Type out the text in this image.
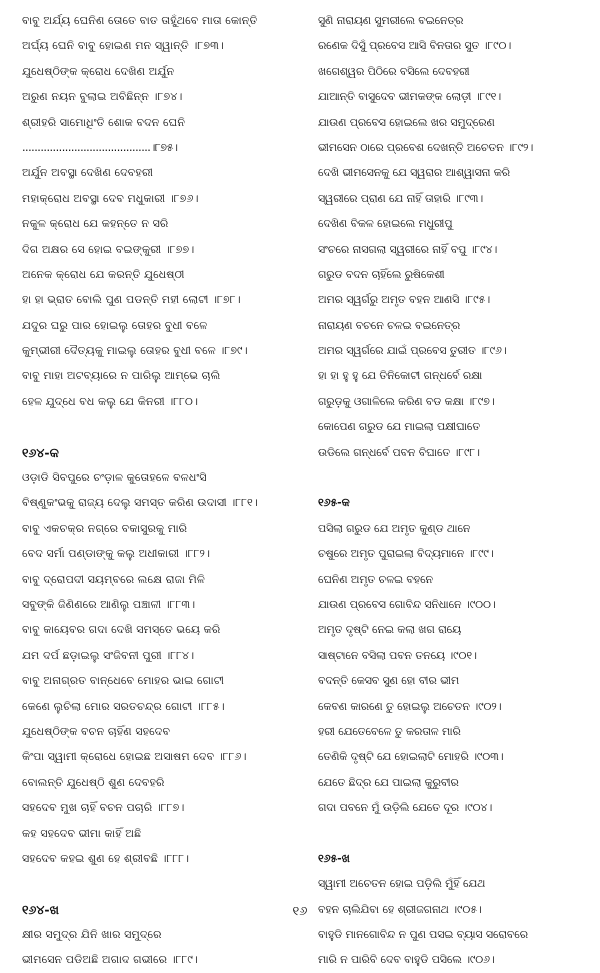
ବାବୁ ଅର୍ଯ୍ୟ ଘେନିଣ ତୋତେ ବାତ ତାହୁଁଥବେ ମାତା କୋନ୍ତି
ଅର୍ଘ୍ୟ ଘେନି ବାବୁ ହୋଇଣ ମନ ସ୍ୱାନ୍ତି ।୮୭୩।
ଯୁଧେଷ୍ଠିଙ୍କ କ୍ରୋଧ ଦେଖିଣ ଅର୍ଯୁନ
ଅରୁଣ ନୟନ ବୁଲାଇ ଅବିଛିନ୍ନ ।୮୭୪।
ଶ୍ରୀହରି ସାମୋଧିଂତି ଶୋକ ବଦନ ଘେନି
..........................................।୮୭୫।
ଅର୍ଯୁନ ଅବସ୍ଥା ଦେଖିଣ ଦେବହରୀ
ମହାକ୍ରୋଧ ଅବସ୍ଥା ଦେବ ମଧୁକାରୀ ।୮୭୬।
ନକୁଳ କ୍ରୋଧ ଯେ କହନ୍ତେ ନ ସରି
ଦିଗ ଅକ୍ଷର ସେ ହୋଇ ବଇଙ୍କୁରୀ ।୮୭୭।
ଅନେକ କ୍ରୋଧ ଯେ କରନ୍ତି ଯୁଧେଷ୍ଠୀ
ହା ହା ଭ୍ରାତ ବୋଲି ପୁଣ ପଡନ୍ତି ମହୀ ଲୋଟୀ ।୮୭୮।
ଯଦୁର ଘରୁ ପାର ହୋଇଲୁ ତୋହର ବୁଧୀ ବଳେ
କୁମ୍ଭୀରୀ ଦୈତ୍ୟକୁ ମାଇଲୁ ତୋହର ବୁଧୀ ବଳେ ।୮୭୯।
ବାବୁ ମାହା ଅଟବ୍ୟାରେ ନ ପାରିଲୁ ଆମ୍ଭେ ଚାଲି
ହେଳ ଯୁଦ୍ଧେ ବଧ କଲୁ ଯେ କିନରୀ ।୮୮୦।
୧୬୪-କ
ଓଡ଼ାଡି ସିବପୁରେ ଚଂଡ଼ାଳ କୁତୋହଳେ ବଳଧଂସି
ବିଷ୍ଣୁକଂଭକୁ ରାଜ୍ୟ ଦେଲୁ ସମସ୍ତ କରିଣ ଉଦାସୀ ।୮୮୧।
ବାବୁ ଏକଚକ୍ର ନଗ୍ରେ ବକାସୁରକୁ ମାରି
ବେଦ ସର୍ମା ପଣ୍ଡାଙ୍କୁ କଲୁ ଅଧୀକାରୀ ।୮୮୨।
ବାବୁ ଦ୍ରୋପଦୀ ସୟମ୍ବରେ ଲକ୍ଷେ ରାଜା ମିଳି
ସବୁଙ୍କି ଜିଣିଣରେ ଆଣିଲୁ ପଞ୍ଚାଳୀ ।୮୮୩।
ବାବୁ କାୟେବର ଗଦା ଦେଖି ସମସ୍ତେ ଭୟେ କରି
ଯମ ଦର୍ପ ଛଡ଼ାଇଲୁ ସଂଜିବନୀ ପୁରୀ ।୮୮୪।
ବାବୁ ଅନାଗ୍ରତ ବାନ୍ଧେବେ ମୋହର ଭାଇ ଗୋଟୀ
କେଣେ ଲୁଚିଲା ମୋର ସରତଚନ୍ଦ୍ର ଗୋଟୀ ।୮୮୫।
ଯୁଧେଷ୍ଠିଙ୍କ ବଚନ ଚାହିଁଣ ସହଦେବ
କିଂପା ସ୍ୱାମୀ କ୍ରୋଧେ ହୋଇଛ ଅସାଷମ ଦେବ ।୮୮୬।
ବୋଲନ୍ତି ଯୁଧେଷ୍ଠି ଶୁଣ ଦେବହରି
ସହଦେବ ମୁଖ ଚାହିଁ ବଚନ ପଚାରି ।୮୮୭।
କହ ସହଦେବ ଭୀମା କାହିଁ ଅଛି
ସହଦେବ କହଇ ଶୁଣ ହେ ଶ୍ରୀବଛି ।୮୮୮।
୧୬୪-ଖ
କ୍ଷୀର ସମୁଦ୍ର ଯିନି ଖାର ସମୁଦ୍ରେ
ଭୀମସେନ ପଡିଅଛି ଅଗାଦ ଗଭୀରେ ।୮୮୯।
ସୁଣି ନାରାୟଣ ସୁମରୀଲେ ବଇନେତ୍ର
ରଣେକ ଦିସୁଁ ପ୍ରବେସ ଆସି ବିନତାର ସୁତ ।୮୯୦।
ଖଗେଶ୍ୱର ପିଠିରେ ବସିଲେ ଦେବହରୀ
ଯାଆନ୍ତି ବାସୁଦେବ ଭୀମକଙ୍କ ଲୋଡ଼ୀ ।୮୯୧।
ଯାଉଣ ପ୍ରବେସ ହୋଇଲେ ଖର ସମୁଦ୍ରେଣ
ଭୀମସେନ ଠାରେ ପ୍ରବେଶ ଦେଖନ୍ତି ଅଚେତନ ।୮୯୨।
ଦେଖି ଭୀମସେନକୁ ଯେ ସ୍ୱରାର ଆଶ୍ୱାସନା କରି
ସ୍ୱରୀରେ ପ୍ରାଣ ଯେ ନାହିଁ ତାହାରି ।୮୯୩।
ଦେଖିଣ ବିକଳ ହୋଇଲେ ମଧୁରୀପୁ
ସଂଚରେ ନାସଗଲା ସ୍ୱରୀରେ ନାହିଁ ବପୁ ।୮୯୪।
ଗରୁଡ ବଦନ ଚାହିଁଲେ ରୁଷିକେଶୀ
ଅମର ସ୍ୱର୍ଗରୁ ଅମୃତ ବହନ ଆଣସି ।୮୯୫।
ନାରାୟଣ ବଚନେ ଚଳଇ ବଇନେତ୍ର
ଅମର ସ୍ୱର୍ଗରେ ଯାଇଁ ପ୍ରବେସ ତୁରୀତ ।୮୯୬।
ହା ହା ହୁ ହୁ ଯେ ତିନିକୋଟୀ ଗନ୍ଧର୍ବେ ରକ୍ଷା
ଗରୁଡ଼କୁ ଓଗାଳିଲେ କରିଣ ବଡ କକ୍ଷା ।୮୯୭।
କୋପେଣ ଗରୁଡ ଯେ ମାଇଲା ପକ୍ଷୀଘାତେ
ଉଡିଲେ ଗନ୍ଧର୍ବେ ପବନ ବିଘାତେ ।୮୯୮।
୧୬୫-କ
ପସିଲା ଗରୁଡ ଯେ ଅମୃତ କୁଣ୍ଡ ଥାନେ
ଚଷୁରେ ଅମୃତ ପୁରାଇଲା ବିଦ୍ୟମାନେ ।୮୯୯।
ଘେନିଣ ଅମୃତ ଚଳଇ ବହନେ
ଯାଉଣ ପ୍ରବେସ ଗୋବିନ୍ଦ ସନିଧାନେ ।୯୦୦।
ଅମୃତ ଦୃଷ୍ଟି ନେଇ କଲା ଖଗ ରାୟେ
ସାଷ୍ଟାନେ ବସିଲା ପବନ ତନୟେ ।୯୦୧।
ବଦନ୍ତି କେସବ ସୁଣ ହୋ ବୀର ଭୀମ
କେବଣ କାରଣେ ତୁ ହୋଇଲୁ ଅଚେତନ ।୯୦୨।
ହରୀ ଯେତେବେଳେ ତୁ କରତାଳ ମାରି
ତେଣିକି ଦୃଷ୍ଟି ଯେ ହୋଇଲାଟି ମୋହରି ।୯୦୩।
ଯେତେ ଛିଦ୍ର ଯେ ପାଇଲା କୁରୁବୀର
ଗଦା ପବନେ ମୁଁ ଉଡ଼ିଲି ଯେତେ ଦୂର ।୯୦୪।
୧୬୫-ଖ
ସ୍ୱାମୀ ଅଚେତନ ହୋଇ ପଡ଼ିଲି ମୁଁହିଁ ଯେଥ
ବହନ ଚାଲିଯିବା ହେ ଶ୍ରୀଜଗନାଥ ।୯୦୫।
ବାହୁଡି ମାନଗୋବିନ୍ଦ ନ ପୁଣ ପସଇ ବ୍ୟାସ ସରୋବରେ
ମାରି ନ ପାରିବି ଦେବ ବାହୁଡି ପସିଲେ ।୯୦୬।
୧୬
